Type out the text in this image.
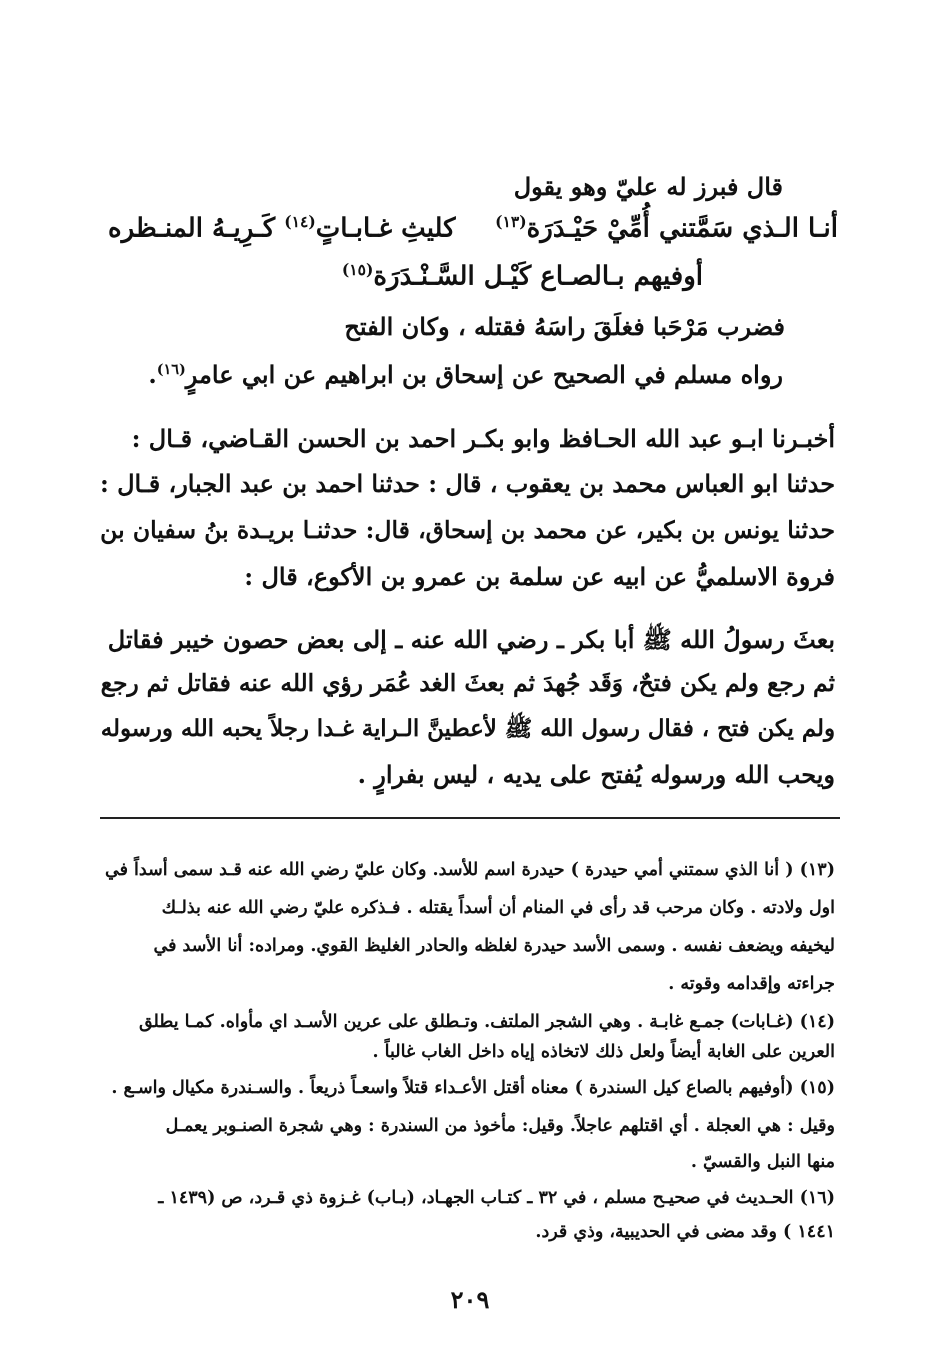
قال فبرز له عليّ وهو يقول
أنـا الـذي سَمَّتني أُمِّيْ حَيْـدَرَة$^{(١٣)}$
كليثِ غـابـاتٍ$^{(١٤)}$ كَـرِيـهُ المنـظره
أوفيهم بـالصـاع كَيْـل السَّـنْـدَرَة$^{(١٥)}$
فضرب مَرْحَبا فغلَقَ راسَهُ فقتله ، وكان الفتح
رواه مسلم في الصحيح عن إسحاق بن ابراهيم عن ابي عامرٍ$^{(١٦)}$.
أخبـرنا ابـو عبد الله الحـافظ وابو بكـر احمد بن الحسن القـاضي، قـال :
حدثنا ابو العباس محمد بن يعقوب ، قال : حدثنا احمد بن عبد الجبار، قـال :
حدثنا يونس بن بكير، عن محمد بن إسحاق، قال: حدثنـا بريـدة بنُ سفيان بن
فروة الاسلميُّ عن ابيه عن سلمة بن عمرو بن الأكوع، قال :
بعثَ رسولُ الله ﷺ أبا بكر ـ رضي الله عنه ـ إلى بعض حصون خيبر فقاتل
ثم رجع ولم يكن فتحٌ، وَقَد جُهدَ ثم بعثَ الغد عُمَر رؤي الله عنه فقاتل ثم رجع
ولم يكن فتح ، فقال رسول الله ﷺ لأعطينَّ الـراية غـدا رجلاً يحبه الله ورسوله
ويحب الله ورسوله يُفتح على يديه ، ليس بفرارٍ .
(١٣) ( أنا الذي سمتني أمي حيدرة ) حيدرة اسم للأسد. وكان عليّ رضي الله عنه قـد سمى أسداً في
اول ولادته . وكان مرحب قد رأى في المنام أن أسداً يقتله . فـذكره عليّ رضي الله عنه بذلـك
ليخيفه ويضعف نفسه . وسمى الأسد حيدرة لغلظه والحادر الغليظ القوي. ومراده: أنا الأسد في
جراءته وإقدامه وقوته .
(١٤) (غـابات) جمـع غابـة . وهي الشجر الملتف. وتـطلق على عرين الأسـد اي مأواه. كمـا يطلق
العرين على الغابة أيضاً ولعل ذلك لاتخاذه إياه داخل الغاب غالباً .
(١٥) (أوفيهم بالصاع كيل السندرة ) معناه أقتل الأعـداء قتلاً واسعـاً ذريعاً . والسـندرة مكيال واسـع .
وقيل : هي العجلة . أي اقتلهم عاجلاً. وقيل: مأخوذ من السندرة : وهي شجرة الصنـوبر يعمـل
منها النبل والقسيّ .
(١٦) الحـديث في صحيـح مسلم ، في ٣٢ ـ كتـاب الجهـاد، (بـاب) غـزوة ذي قـرد، ص (١٤٣٩ ـ
١٤٤١ ) وقد مضى في الحديبية، وذي قرد.
٢٠٩
